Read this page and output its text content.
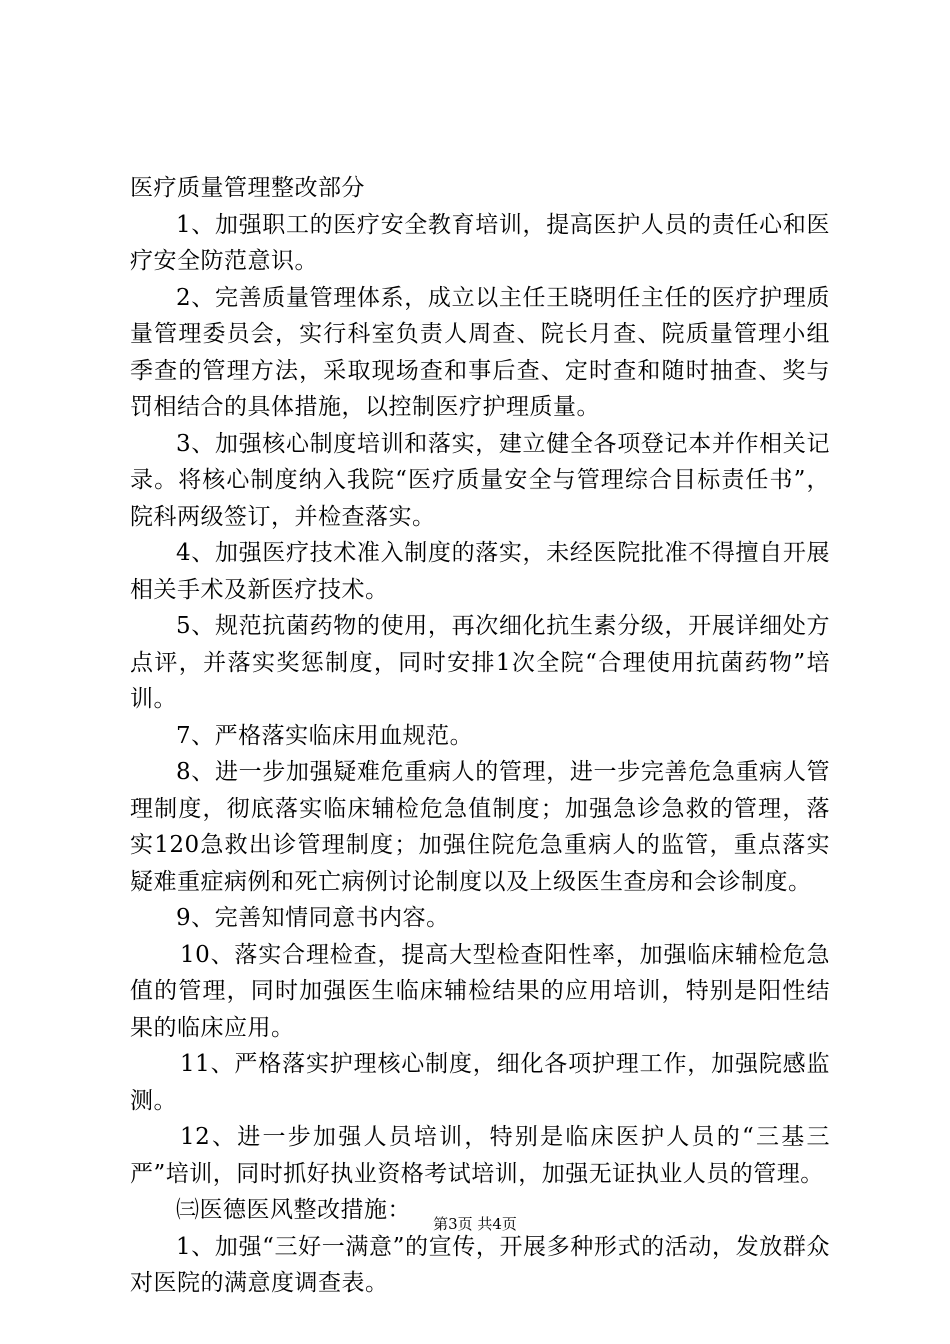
医疗质量管理整改部分

1、加强职工的医疗安全教育培训，提高医护人员的责任心和医疗安全防范意识。

2、完善质量管理体系，成立以主任王晓明任主任的医疗护理质量管理委员会，实行科室负责人周查、院长月查、院质量管理小组季查的管理方法，采取现场查和事后查、定时查和随时抽查、奖与罚相结合的具体措施，以控制医疗护理质量。

3、加强核心制度培训和落实，建立健全各项登记本并作相关记录。将核心制度纳入我院“医疗质量安全与管理综合目标责任书”，院科两级签订，并检查落实。

4、加强医疗技术准入制度的落实，未经医院批准不得擅自开展相关手术及新医疗技术。

5、规范抗菌药物的使用，再次细化抗生素分级，开展详细处方点评，并落实奖惩制度，同时安排1次全院“合理使用抗菌药物”培训。

7、严格落实临床用血规范。

8、进一步加强疑难危重病人的管理，进一步完善危急重病人管理制度，彻底落实临床辅检危急值制度；加强急诊急救的管理，落实120急救出诊管理制度；加强住院危急重病人的监管，重点落实疑难重症病例和死亡病例讨论制度以及上级医生查房和会诊制度。

9、完善知情同意书内容。

10、落实合理检查，提高大型检查阳性率，加强临床辅检危急值的管理，同时加强医生临床辅检结果的应用培训，特别是阳性结果的临床应用。

11、严格落实护理核心制度，细化各项护理工作，加强院感监测。

12、进一步加强人员培训，特别是临床医护人员的“三基三严”培训，同时抓好执业资格考试培训，加强无证执业人员的管理。

㈢医德医风整改措施：

1、加强“三好一满意”的宣传，开展多种形式的活动，发放群众对医院的满意度调查表。

第3页 共4页
